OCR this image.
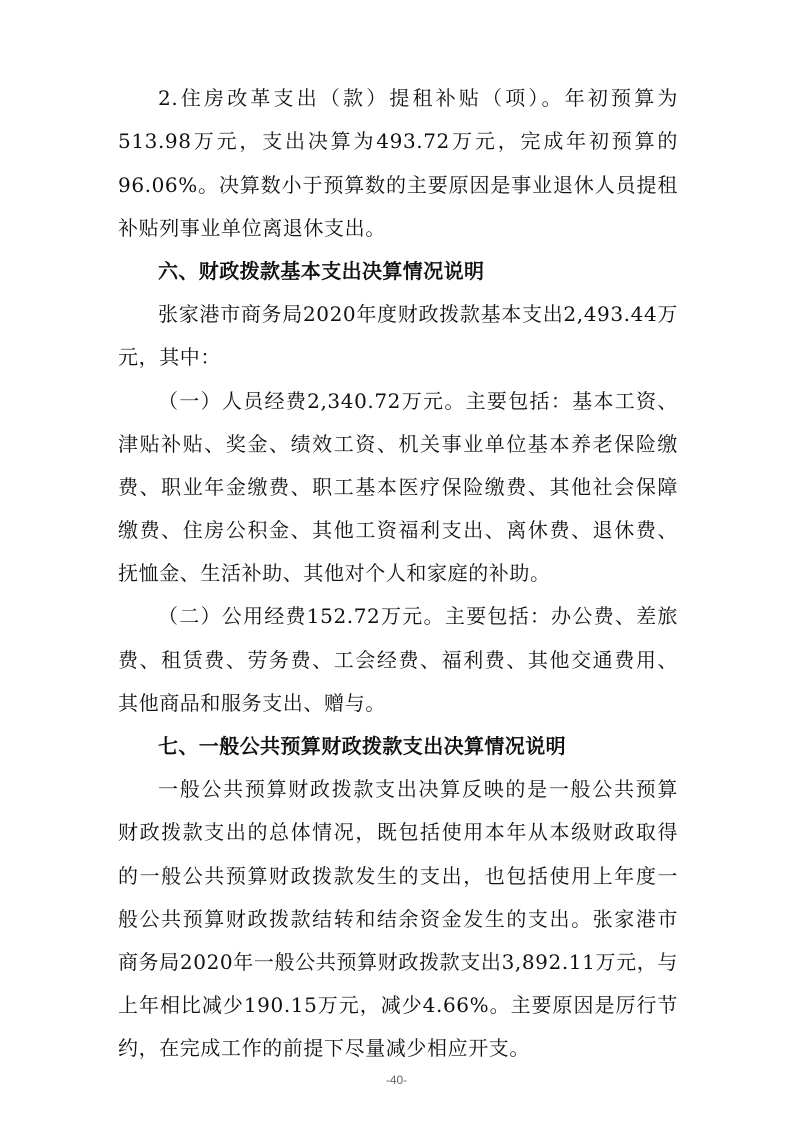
2.住房改革支出（款）提租补贴（项）。年初预算为
513.98万元，支出决算为493.72万元，完成年初预算的
96.06%。决算数小于预算数的主要原因是事业退休人员提租
补贴列事业单位离退休支出。
六、财政拨款基本支出决算情况说明
张家港市商务局2020年度财政拨款基本支出2,493.44万
元，其中：
（一）人员经费2,340.72万元。主要包括：基本工资、
津贴补贴、奖金、绩效工资、机关事业单位基本养老保险缴
费、职业年金缴费、职工基本医疗保险缴费、其他社会保障
缴费、住房公积金、其他工资福利支出、离休费、退休费、
抚恤金、生活补助、其他对个人和家庭的补助。
（二）公用经费152.72万元。主要包括：办公费、差旅
费、租赁费、劳务费、工会经费、福利费、其他交通费用、
其他商品和服务支出、赠与。
七、一般公共预算财政拨款支出决算情况说明
一般公共预算财政拨款支出决算反映的是一般公共预算
财政拨款支出的总体情况，既包括使用本年从本级财政取得
的一般公共预算财政拨款发生的支出，也包括使用上年度一
般公共预算财政拨款结转和结余资金发生的支出。张家港市
商务局2020年一般公共预算财政拨款支出3,892.11万元，与
上年相比减少190.15万元，减少4.66%。主要原因是厉行节
约，在完成工作的前提下尽量减少相应开支。
-40-
